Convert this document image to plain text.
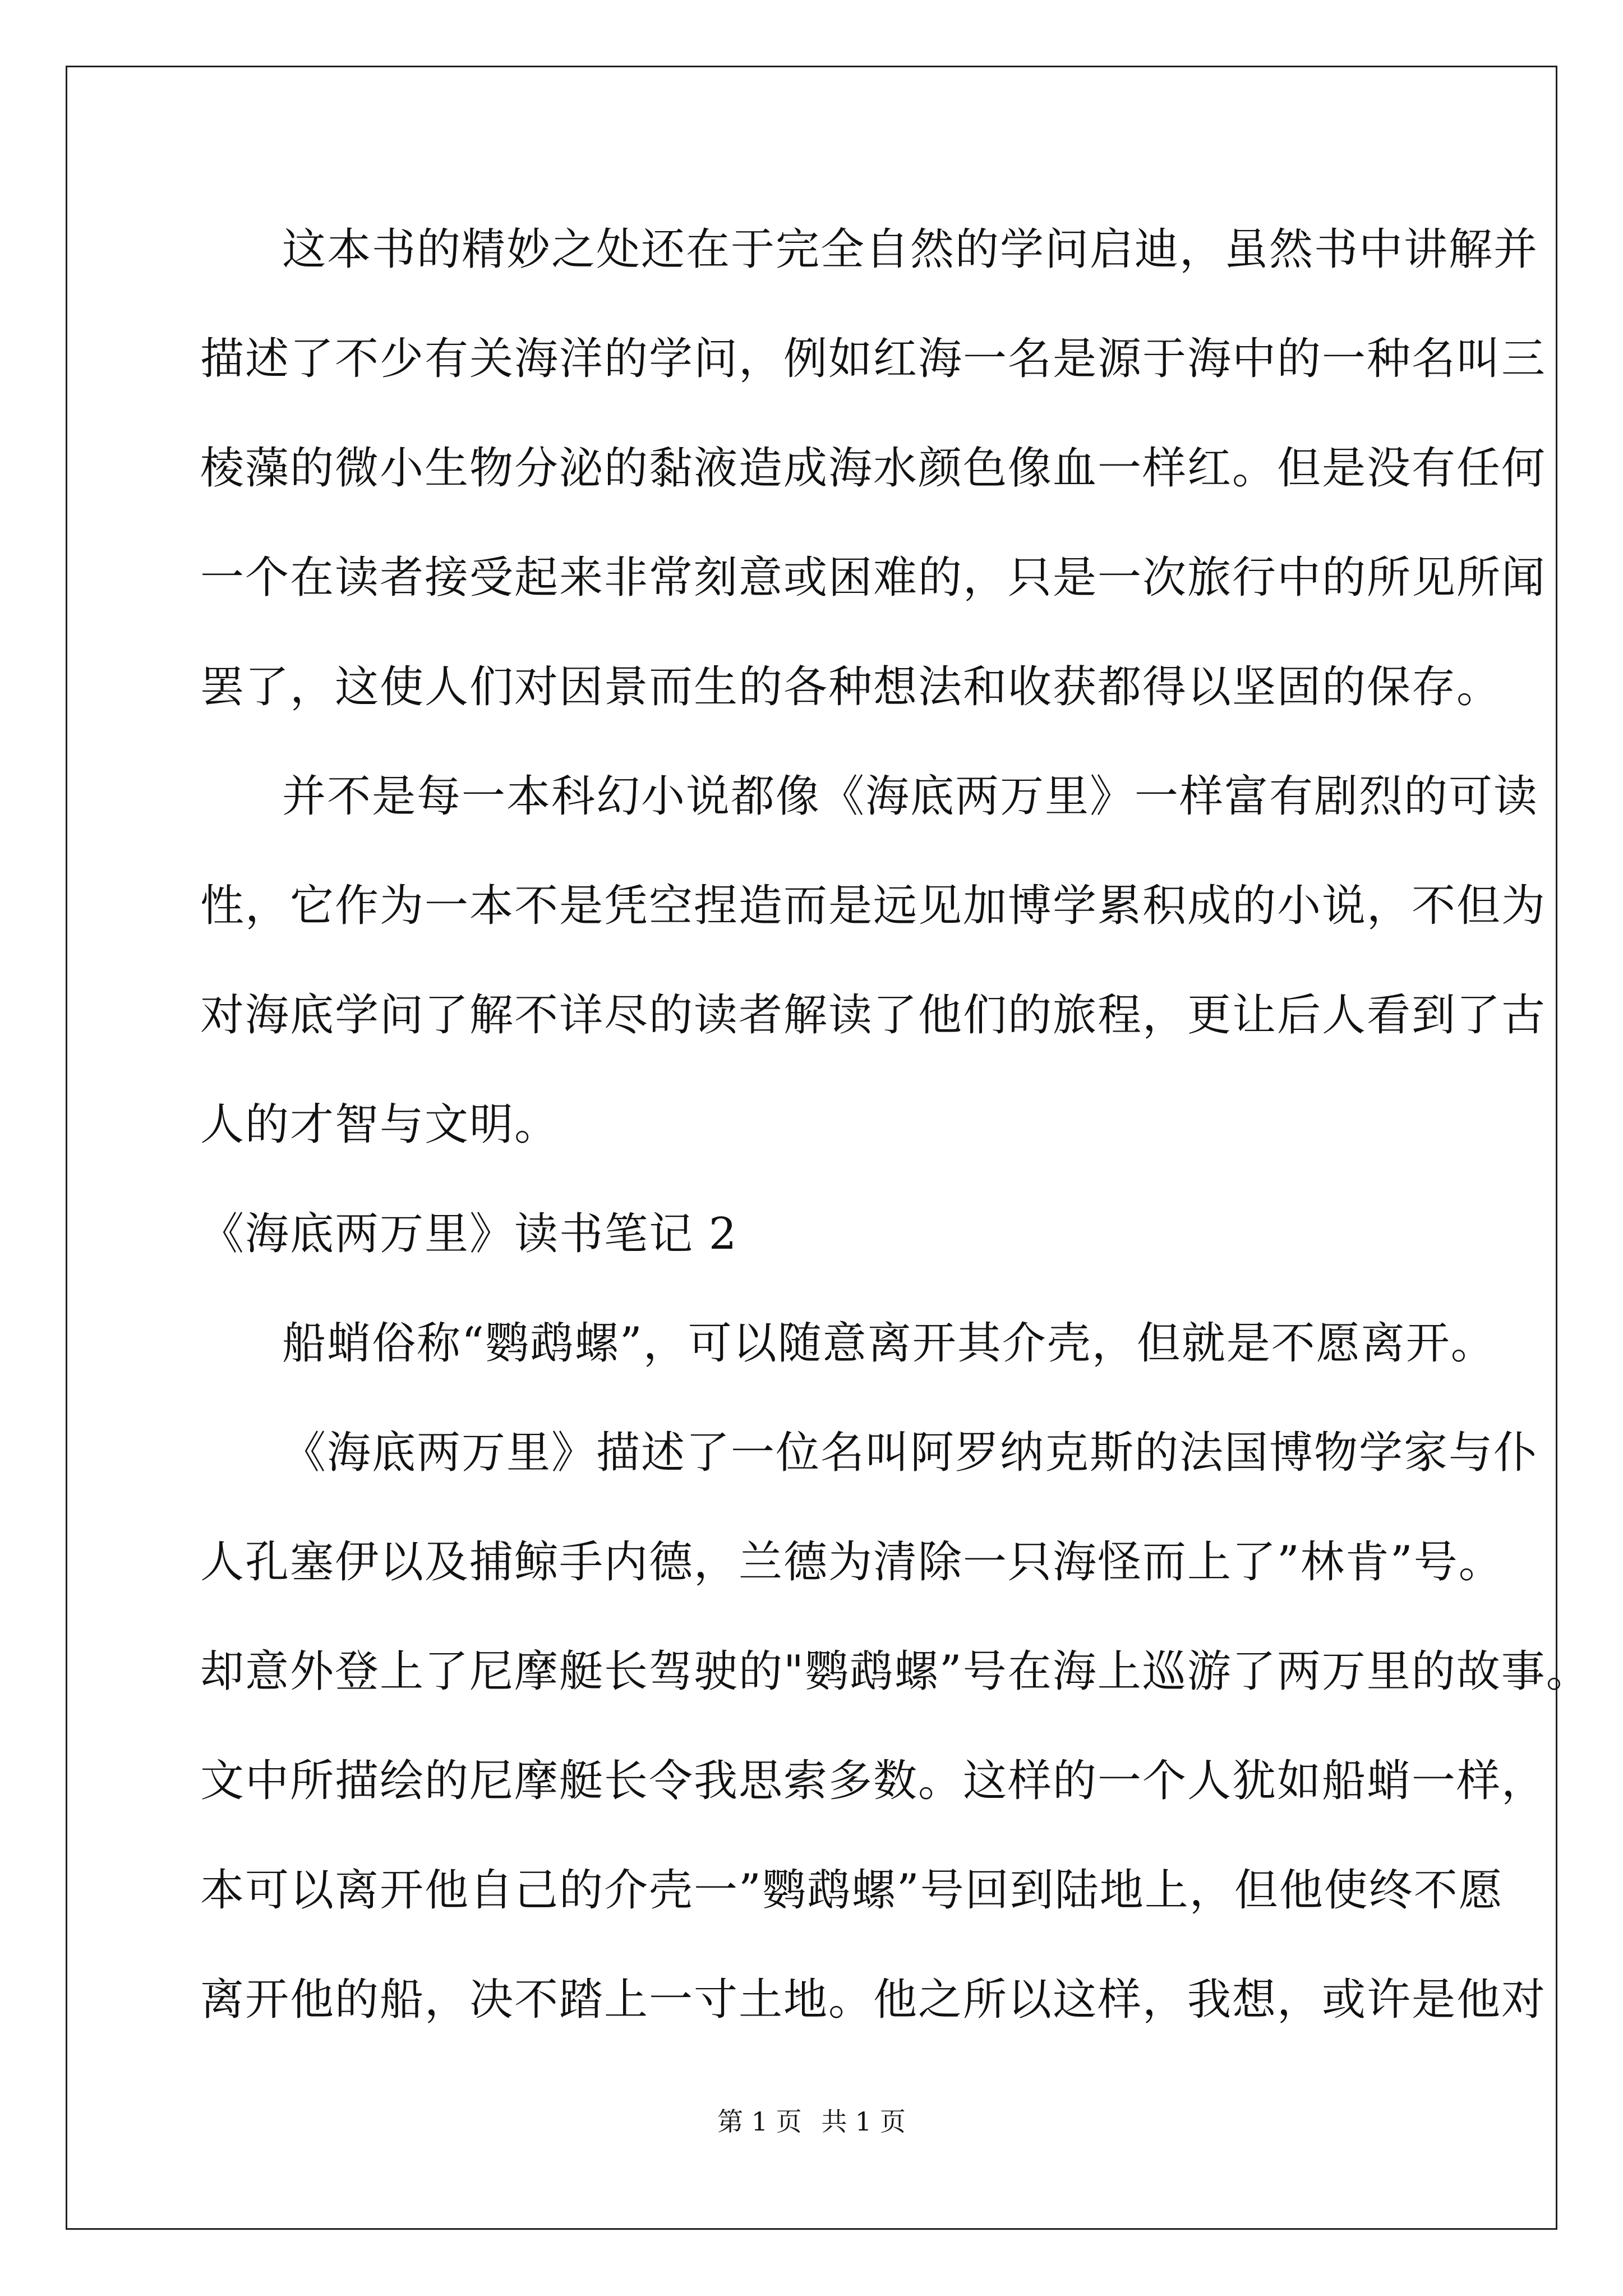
这本书的精妙之处还在于完全自然的学问启迪，虽然书中讲解并
描述了不少有关海洋的学问，例如红海一名是源于海中的一种名叫三
棱藻的微小生物分泌的黏液造成海水颜色像血一样红。但是没有任何
一个在读者接受起来非常刻意或困难的，只是一次旅行中的所见所闻
罢了，这使人们对因景而生的各种想法和收获都得以坚固的保存。
并不是每一本科幻小说都像《海底两万里》一样富有剧烈的可读
性，它作为一本不是凭空捏造而是远见加博学累积成的小说，不但为
对海底学问了解不详尽的读者解读了他们的旅程，更让后人看到了古
人的才智与文明。
《海底两万里》读书笔记 2
船蛸俗称“鹦鹉螺”，可以随意离开其介壳，但就是不愿离开。
《海底两万里》描述了一位名叫阿罗纳克斯的法国博物学家与仆
人孔塞伊以及捕鲸手内德，兰德为清除一只海怪而上了”林肯”号。
却意外登上了尼摩艇长驾驶的"鹦鹉螺”号在海上巡游了两万里的故事。
文中所描绘的尼摩艇长令我思索多数。这样的一个人犹如船蛸一样，
本可以离开他自己的介壳一”鹦鹉螺”号回到陆地上，但他使终不愿
离开他的船，决不踏上一寸土地。他之所以这样，我想，或许是他对
第 1 页 共 1 页
